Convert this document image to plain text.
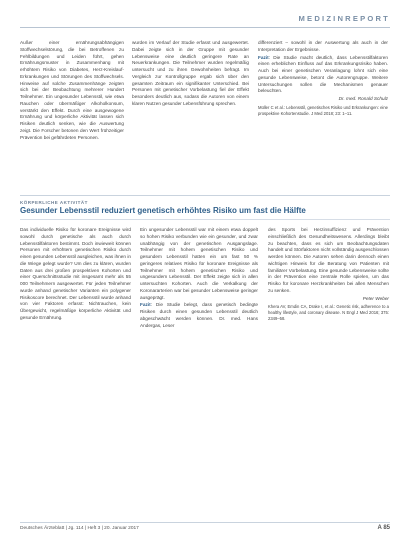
MEDIZINREPORT

Außer einer ernährungsabhängigen Stoffwechselstörung, die bei Betroffenen zu Fehlbildungen und Leiden führt, gehen Ernährungsmuster in Zusammenhang mit erhöhtem Risiko von Diabetes, Herz-Kreislauf-Erkrankungen und Störungen des Stoffwechsels. Hinweise auf solche Zusammenhänge zeigten sich bei der Beobachtung mehrerer Hundert Teilnehmer. Ein ungesunder Lebensstil, wie etwa Rauchen oder übermäßiger Alkoholkonsum, verstärkt den Effekt. Durch eine ausgewogene Ernährung und körperliche Aktivität lassen sich Risiken deutlich senken, wie die Auswertung zeigt. Die Forscher betonen den Wert frühzeitiger Prävention bei gefährdeten Personen.

wurden im Verlauf der Studie erfasst und ausgewertet. Dabei zeigte sich in der Gruppe mit gesunder Lebensweise eine deutlich geringere Rate an Neuerkrankungen. Die Teilnehmer wurden regelmäßig untersucht und zu ihren Gewohnheiten befragt. Im Vergleich zur Kontrollgruppe ergab sich über den gesamten Zeitraum ein signifikanter Unterschied. Bei Personen mit genetischer Vorbelastung fiel der Effekt besonders deutlich aus, sodass die Autoren von einem klaren Nutzen gesunder Lebensführung sprechen.

differenziert – sowohl in der Auswertung als auch in der Interpretation der Ergebnisse.

Fazit: Die Studie macht deutlich, dass Lebensstilfaktoren einen erheblichen Einfluss auf das Erkrankungsrisiko haben. Auch bei einer genetischen Veranlagung lohnt sich eine gesunde Lebensweise, betont die Autorengruppe. Weitere Untersuchungen sollen die Mechanismen genauer beleuchten.

Dr. med. Ronald Schulz

Müller C et al.: Lebensstil, genetisches Risiko und Erkrankungen: eine prospektive Kohortenstudie. J Med 2018; 23: 1–11.

KÖRPERLICHE AKTIVITÄT
Gesunder Lebensstil reduziert genetisch erhöhtes Risiko um fast die Hälfte

Das individuelle Risiko für koronare Ereignisse wird sowohl durch genetische als auch durch Lebensstilfaktoren bestimmt. Doch inwieweit können Personen mit erhöhtem genetischen Risiko durch einen gesunden Lebensstil ausgleichen, was ihnen in die Wiege gelegt wurde? Um dies zu klären, wurden Daten aus drei großen prospektiven Kohorten und einer Querschnittsstudie mit insgesamt mehr als 55 000 Teilnehmern ausgewertet. Für jeden Teilnehmer wurde anhand genetischer Varianten ein polygener Risikoscore berechnet. Der Lebensstil wurde anhand von vier Faktoren erfasst: Nichtrauchen, kein Übergewicht, regelmäßige körperliche Aktivität und gesunde Ernährung.

Ein ungesunder Lebensstil war mit einem etwa doppelt so hohen Risiko verbunden wie ein gesunder, und zwar unabhängig von der genetischen Ausgangslage. Teilnehmer mit hohem genetischen Risiko und gesundem Lebensstil hatten ein um fast 50 % geringeres relatives Risiko für koronare Ereignisse als Teilnehmer mit hohem genetischen Risiko und ungesundem Lebensstil. Der Effekt zeigte sich in allen untersuchten Kohorten. Auch die Verkalkung der Koronararterien war bei gesunder Lebensweise geringer ausgeprägt.

Fazit: Die Studie belegt, dass genetisch bedingte Risiken durch einen gesunden Lebensstil deutlich abgeschwächt werden können. Dr. med. Hans Andergas, Leser

des Sports bei Herzinsuffizienz und Prävention einschließlich des Gesundheitswesens. Allerdings bleibt zu beachten, dass es sich um Beobachtungsdaten handelt und Störfaktoren nicht vollständig ausgeschlossen werden können. Die Autoren sehen darin dennoch einen wichtigen Hinweis für die Beratung von Patienten mit familiärer Vorbelastung. Eine gesunde Lebensweise sollte in der Prävention eine zentrale Rolle spielen, um das Risiko für koronare Herzkrankheiten bei allen Menschen zu senken.

Peter Weber

Khera AV, Emdin CA, Drake I, et al.: Genetic risk, adherence to a healthy lifestyle, and coronary disease. N Engl J Med 2016; 375: 2349–58.

Deutsches Ärzteblatt | Jg. 114 | Heft 3 | 20. Januar 2017	A 85
